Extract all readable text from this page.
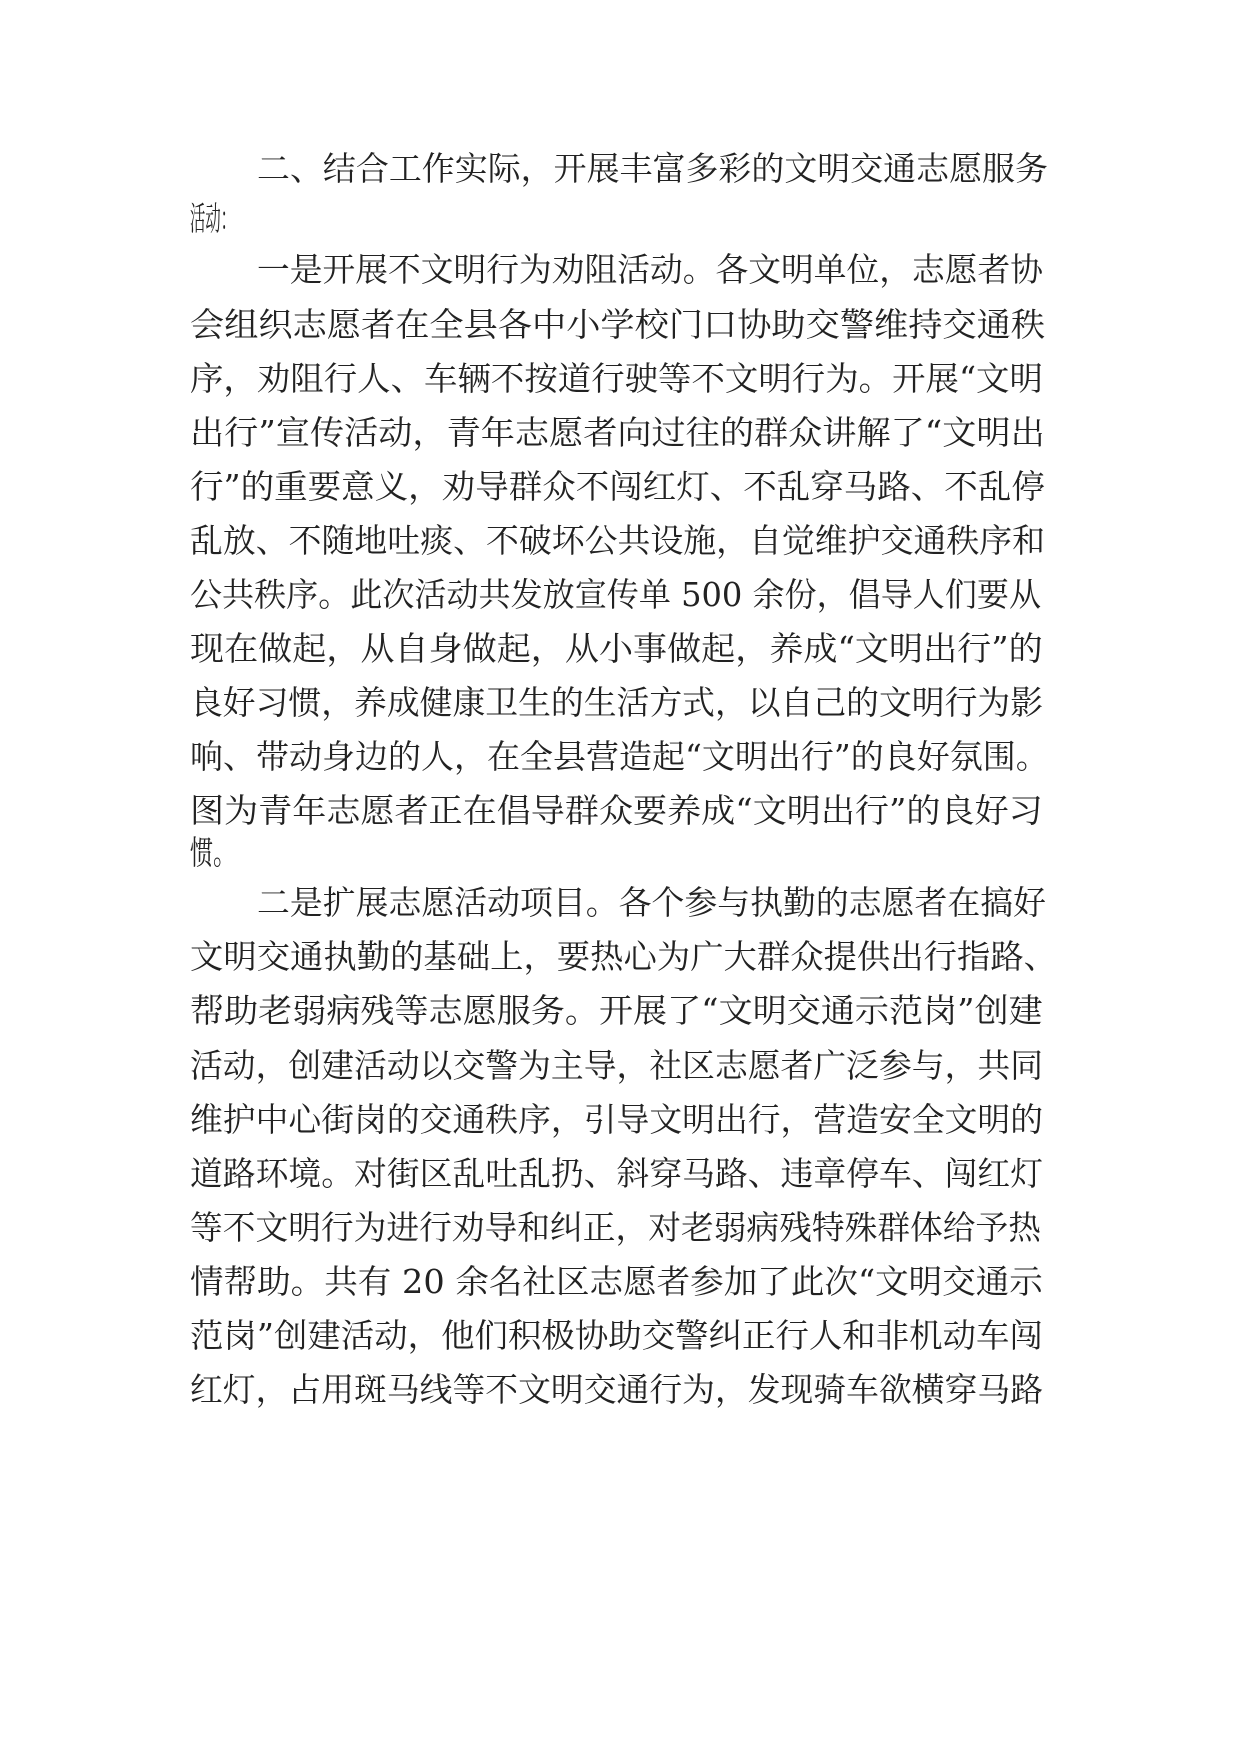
二、结合工作实际，开展丰富多彩的文明交通志愿服务
活动：
一是开展不文明行为劝阻活动。各文明单位，志愿者协
会组织志愿者在全县各中小学校门口协助交警维持交通秩
序，劝阻行人、车辆不按道行驶等不文明行为。开展“文明
出行”宣传活动，青年志愿者向过往的群众讲解了“文明出
行”的重要意义，劝导群众不闯红灯、不乱穿马路、不乱停
乱放、不随地吐痰、不破坏公共设施，自觉维护交通秩序和
公共秩序。此次活动共发放宣传单 500 余份，倡导人们要从
现在做起，从自身做起，从小事做起，养成“文明出行”的
良好习惯，养成健康卫生的生活方式，以自己的文明行为影
响、带动身边的人，在全县营造起“文明出行”的良好氛围。
图为青年志愿者正在倡导群众要养成“文明出行”的良好习
惯。
二是扩展志愿活动项目。各个参与执勤的志愿者在搞好
文明交通执勤的基础上，要热心为广大群众提供出行指路、
帮助老弱病残等志愿服务。开展了“文明交通示范岗”创建
活动，创建活动以交警为主导，社区志愿者广泛参与，共同
维护中心街岗的交通秩序，引导文明出行，营造安全文明的
道路环境。对街区乱吐乱扔、斜穿马路、违章停车、闯红灯
等不文明行为进行劝导和纠正，对老弱病残特殊群体给予热
情帮助。共有 20 余名社区志愿者参加了此次“文明交通示
范岗”创建活动，他们积极协助交警纠正行人和非机动车闯
红灯，占用斑马线等不文明交通行为，发现骑车欲横穿马路
